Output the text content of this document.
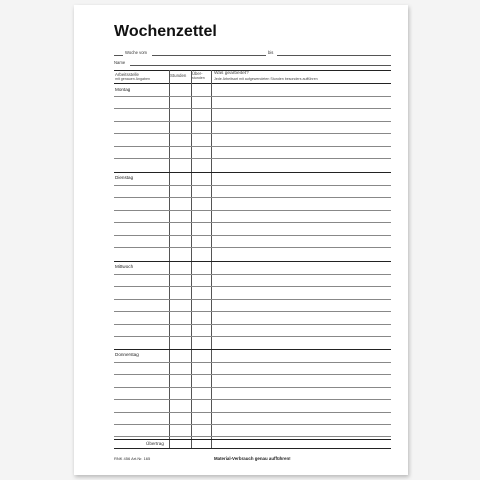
Wochenzettel
Woche vom	bis
Name
Arbeitsstelle
mit genauen Angaben
Stunden Über-
stunden
Was gearbeitet?
Jede Arbeitsart mit aufgewendeten Stunden besonders aufführen
Montag
Dienstag
Mittwoch
Donnerstag
Übertrag
RNK 456 Art.Nr. 165	Material-Verbrauch genau aufführen!
